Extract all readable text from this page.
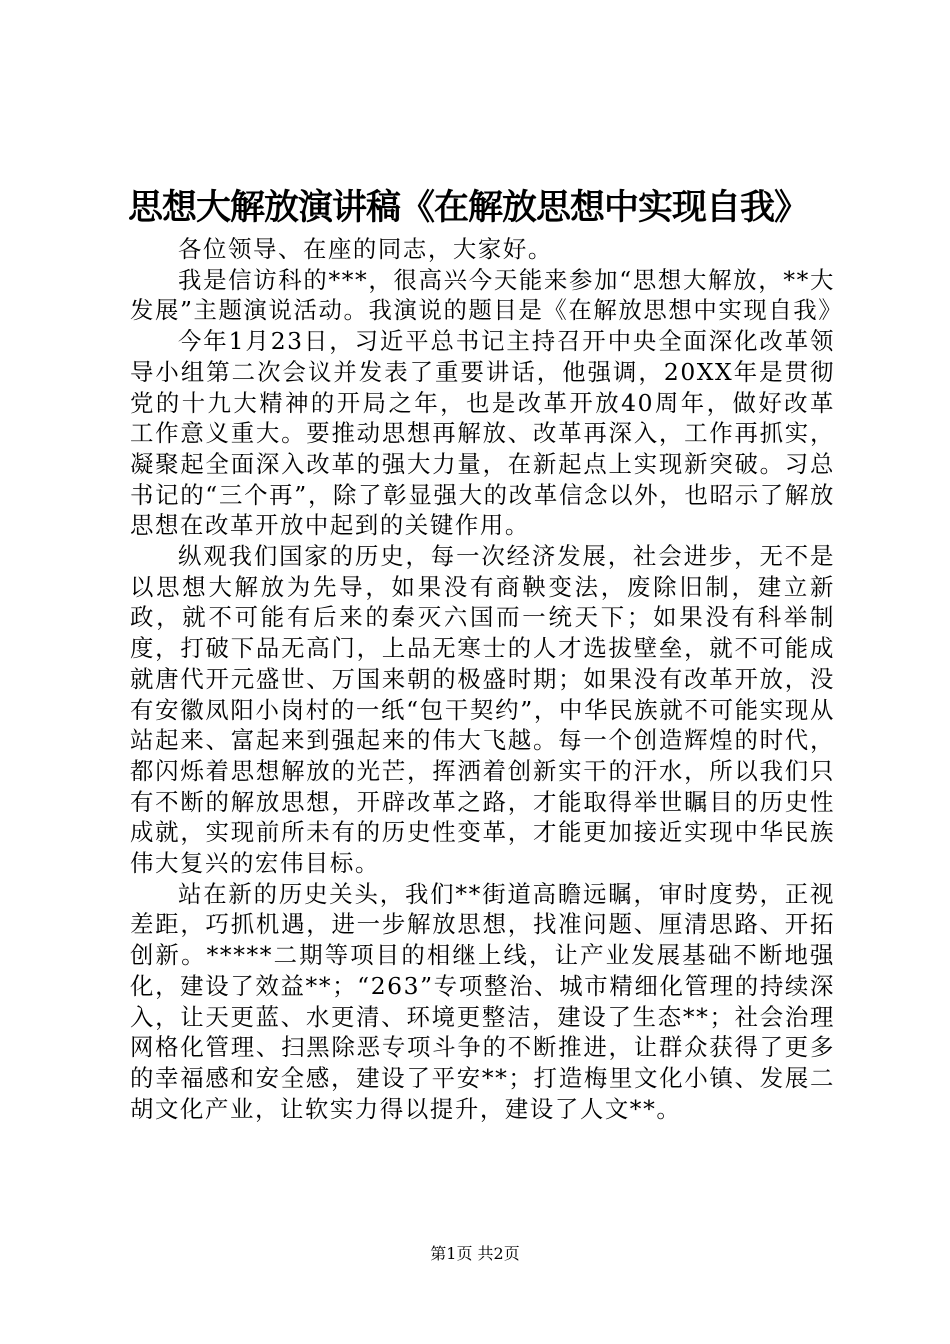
思想大解放演讲稿《在解放思想中实现自我》

各位领导、在座的同志，大家好。

我是信访科的***，很高兴今天能来参加“思想大解放，**大发展”主题演说活动。我演说的题目是《在解放思想中实现自我》

今年1月23日，习近平总书记主持召开中央全面深化改革领导小组第二次会议并发表了重要讲话，他强调，20XX年是贯彻党的十九大精神的开局之年，也是改革开放40周年，做好改革工作意义重大。要推动思想再解放、改革再深入，工作再抓实，凝聚起全面深入改革的强大力量，在新起点上实现新突破。习总书记的“三个再”，除了彰显强大的改革信念以外，也昭示了解放思想在改革开放中起到的关键作用。

纵观我们国家的历史，每一次经济发展，社会进步，无不是以思想大解放为先导，如果没有商鞅变法，废除旧制，建立新政，就不可能有后来的秦灭六国而一统天下；如果没有科举制度，打破下品无高门，上品无寒士的人才选拔壁垒，就不可能成就唐代开元盛世、万国来朝的极盛时期；如果没有改革开放，没有安徽凤阳小岗村的一纸“包干契约”，中华民族就不可能实现从站起来、富起来到强起来的伟大飞越。每一个创造辉煌的时代，都闪烁着思想解放的光芒，挥洒着创新实干的汗水，所以我们只有不断的解放思想，开辟改革之路，才能取得举世瞩目的历史性成就，实现前所未有的历史性变革，才能更加接近实现中华民族伟大复兴的宏伟目标。

站在新的历史关头，我们**街道高瞻远瞩，审时度势，正视差距，巧抓机遇，进一步解放思想，找准问题、厘清思路、开拓创新。*****二期等项目的相继上线，让产业发展基础不断地强化，建设了效益**；“263”专项整治、城市精细化管理的持续深入，让天更蓝、水更清、环境更整洁，建设了生态**；社会治理网格化管理、扫黑除恶专项斗争的不断推进，让群众获得了更多的幸福感和安全感，建设了平安**；打造梅里文化小镇、发展二胡文化产业，让软实力得以提升，建设了人文**。

第1页 共2页
